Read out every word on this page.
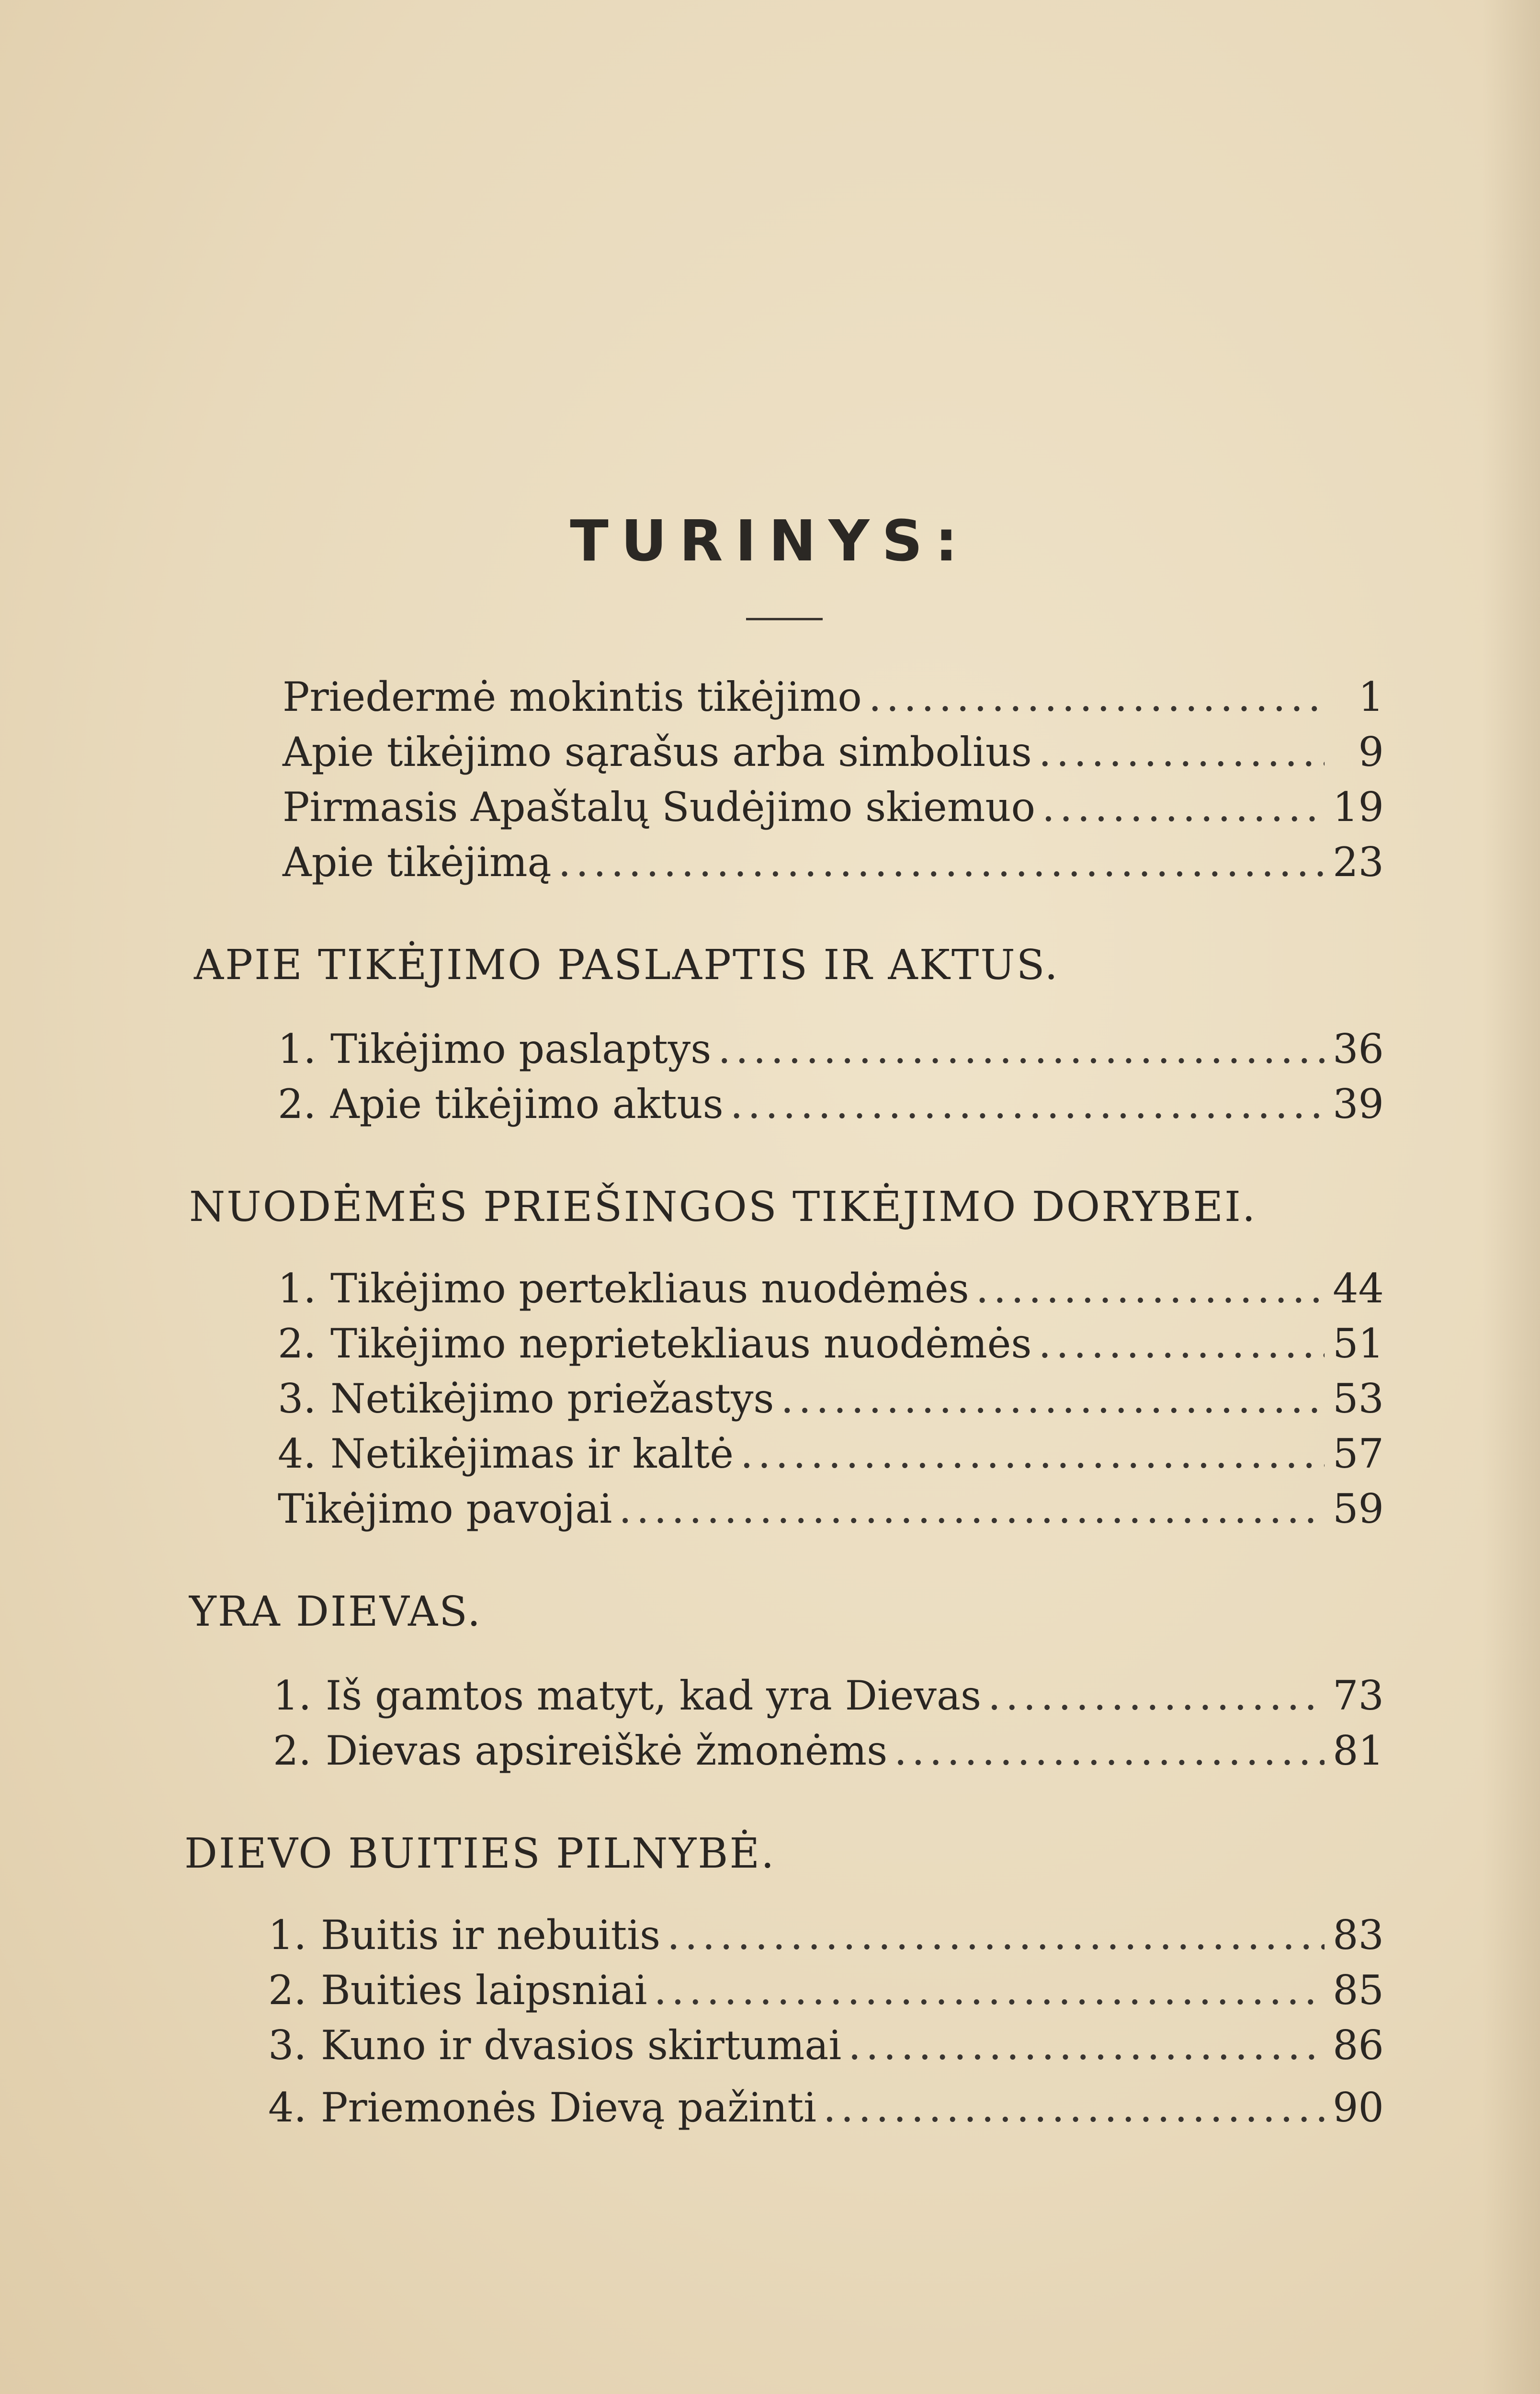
TURINYS:
Priedermė mokintis tikėjimo .....	1
Apie tikėjimo sąrašus arba simbolius .....	9
Pirmasis Apaštalų Sudėjimo skiemuo .....	19
Apie tikėjimą .....	23
APIE TIKĖJIMO PASLAPTIS IR AKTUS.
1. Tikėjimo paslaptys .....	36
2. Apie tikėjimo aktus .....	39
NUODĖMĖS PRIEŠINGOS TIKĖJIMO DORYBEI.
1. Tikėjimo pertekliaus nuodėmės .....	44
2. Tikėjimo neprietekliaus nuodėmės .....	51
3. Netikėjimo priežastys .....	53
4. Netikėjimas ir kaltė .....	57
Tikėjimo pavojai .....	59
YRA DIEVAS.
1. Iš gamtos matyt, kad yra Dievas .....	73
2. Dievas apsireiškė žmonėms .....	81
DIEVO BUITIES PILNYBĖ.
1. Buitis ir nebuitis .....	83
2. Buities laipsniai .....	85
3. Kuno ir dvasios skirtumai .....	86
4. Priemonės Dievą pažinti .....	90
